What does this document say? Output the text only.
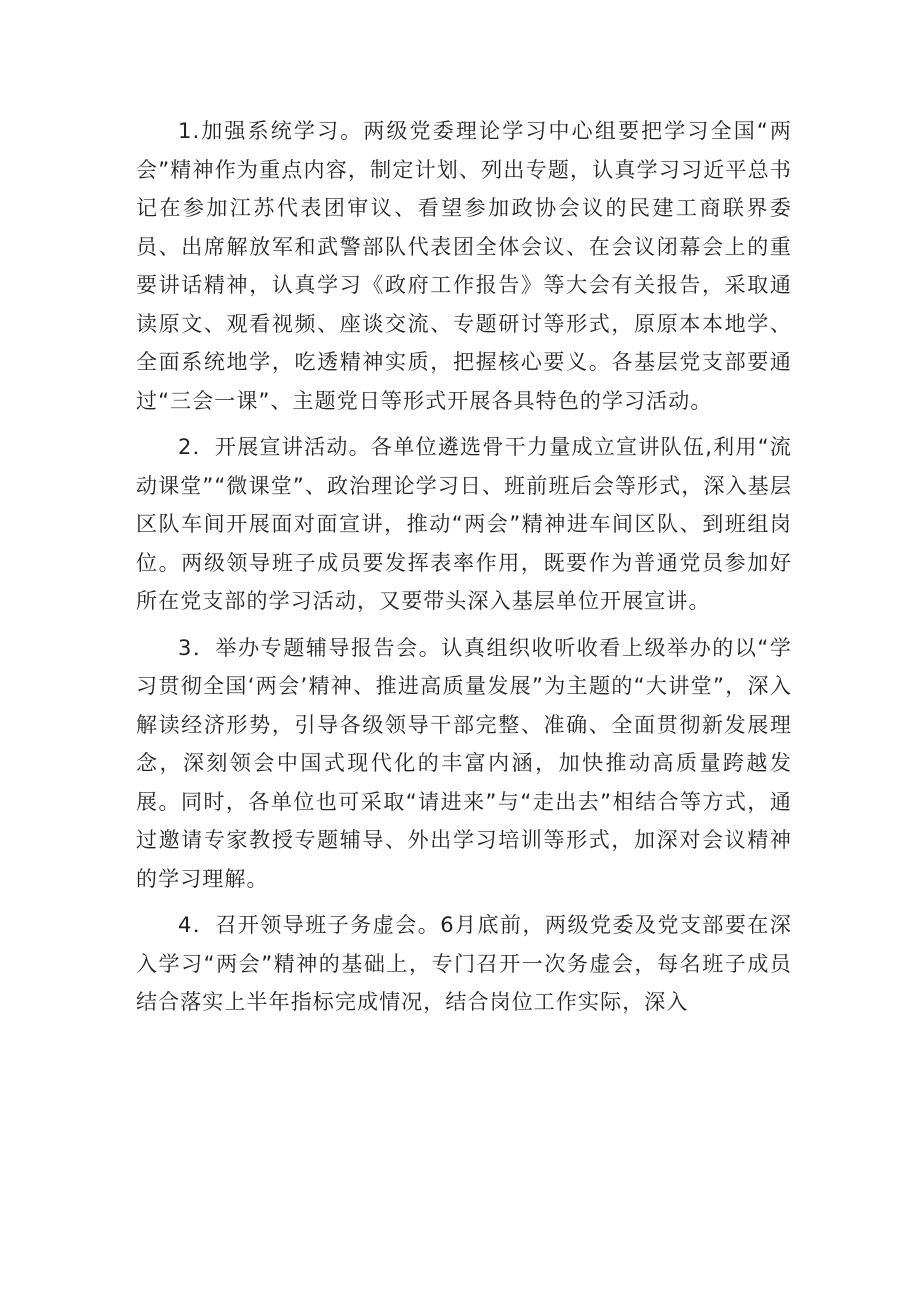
1.加强系统学习。两级党委理论学习中心组要把学习全国“两会”精神作为重点内容，制定计划、列出专题，认真学习习近平总书记在参加江苏代表团审议、看望参加政协会议的民建工商联界委员、出席解放军和武警部队代表团全体会议、在会议闭幕会上的重要讲话精神，认真学习《政府工作报告》等大会有关报告，采取通读原文、观看视频、座谈交流、专题研讨等形式，原原本本地学、全面系统地学，吃透精神实质，把握核心要义。各基层党支部要通过“三会一课”、主题党日等形式开展各具特色的学习活动。

2．开展宣讲活动。各单位遴选骨干力量成立宣讲队伍,利用“流动课堂”“微课堂”、政治理论学习日、班前班后会等形式，深入基层区队车间开展面对面宣讲，推动“两会”精神进车间区队、到班组岗位。两级领导班子成员要发挥表率作用，既要作为普通党员参加好所在党支部的学习活动，又要带头深入基层单位开展宣讲。

3．举办专题辅导报告会。认真组织收听收看上级举办的以“学习贯彻全国‘两会’精神、推进高质量发展”为主题的“大讲堂”，深入解读经济形势，引导各级领导干部完整、准确、全面贯彻新发展理念，深刻领会中国式现代化的丰富内涵，加快推动高质量跨越发展。同时，各单位也可采取“请进来”与“走出去”相结合等方式，通过邀请专家教授专题辅导、外出学习培训等形式，加深对会议精神的学习理解。

4．召开领导班子务虚会。6月底前，两级党委及党支部要在深入学习“两会”精神的基础上，专门召开一次务虚会，每名班子成员结合落实上半年指标完成情况，结合岗位工作实际，深入
